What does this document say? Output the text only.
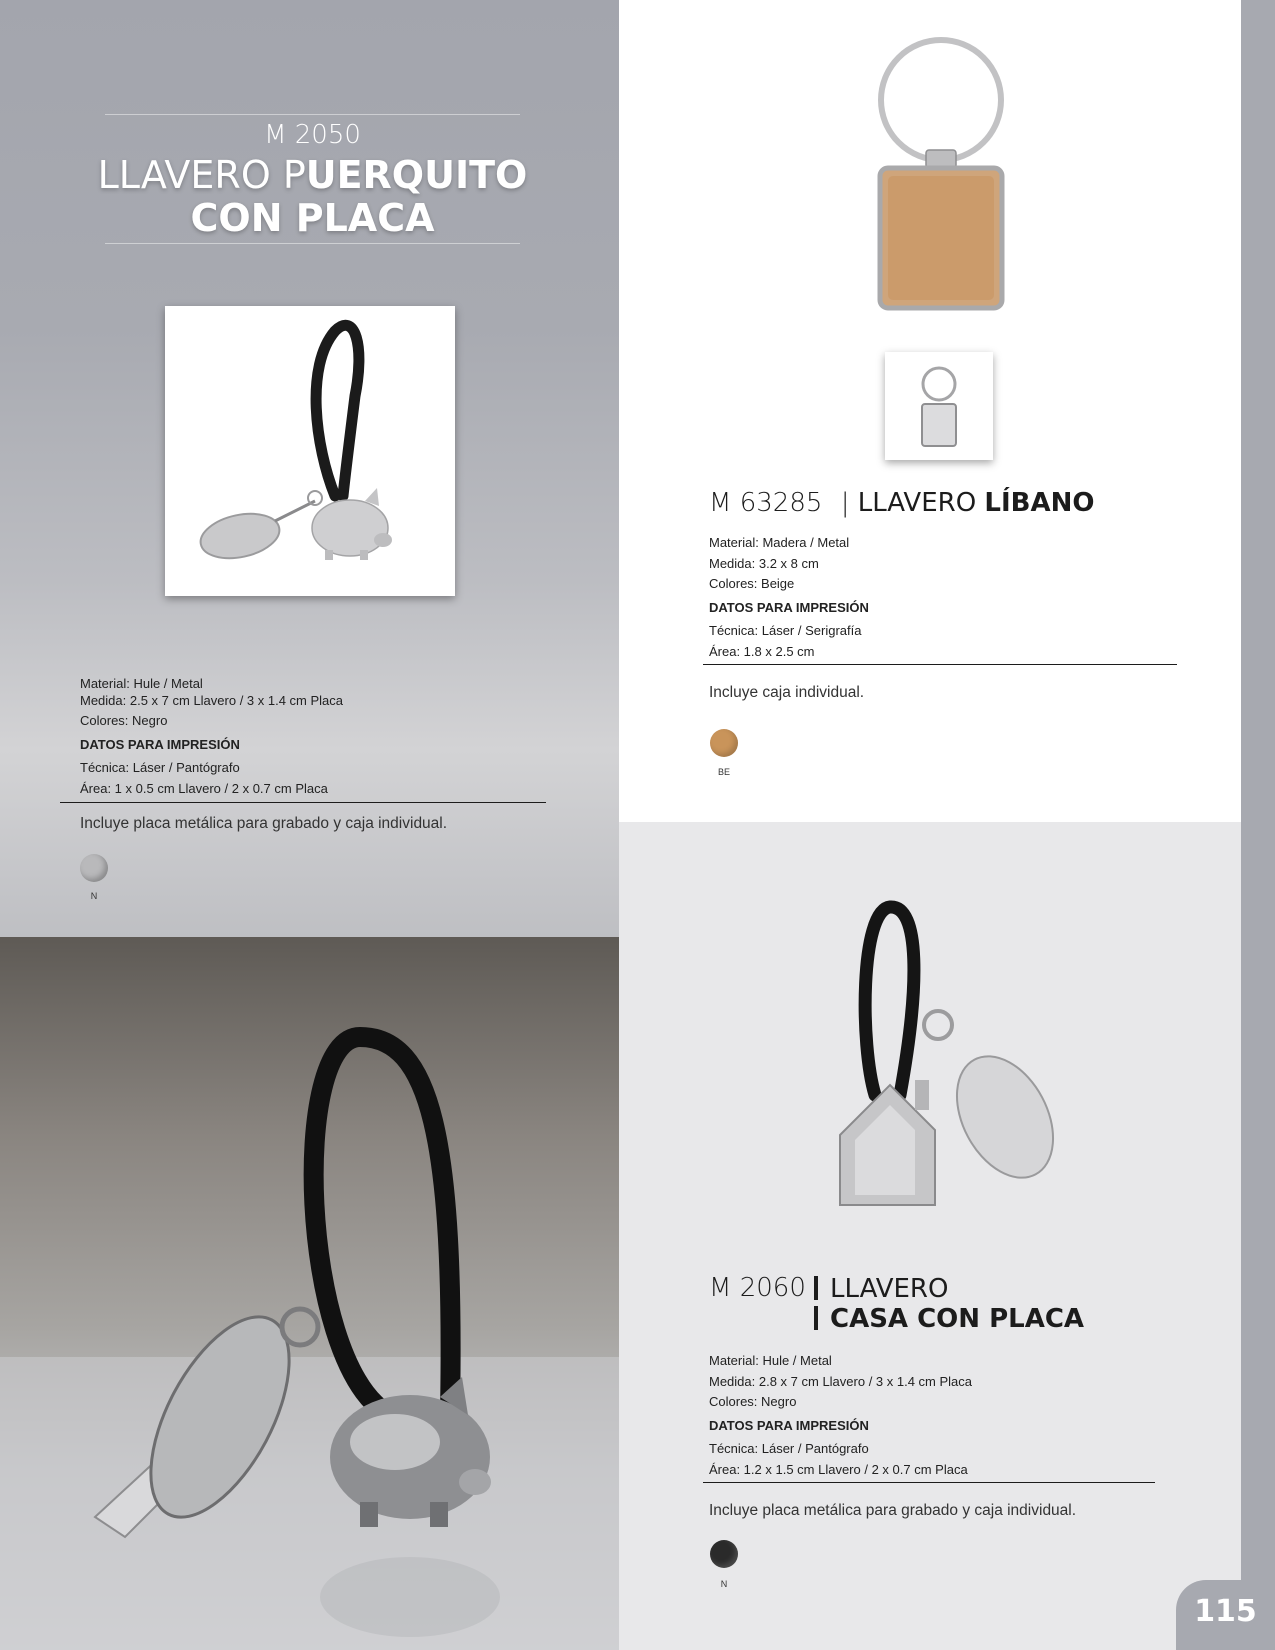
M 2050
LLAVERO PUERQUITO
CON PLACA
Material: Hule / Metal
Medida: 2.5 x 7 cm Llavero / 3 x 1.4 cm Placa
Colores: Negro
DATOS PARA IMPRESIÓN
Técnica: Láser / Pantógrafo
Área: 1 x 0.5 cm Llavero / 2 x 0.7 cm Placa
Incluye placa metálica para grabado y caja individual.
N
M 63285 | LLAVERO LÍBANO
Material: Madera / Metal
Medida: 3.2 x 8 cm
Colores: Beige
DATOS PARA IMPRESIÓN
Técnica: Láser / Serigrafía
Área: 1.8 x 2.5 cm
Incluye caja individual.
BE
M 2060 LLAVERO
CASA CON PLACA
Material: Hule / Metal
Medida: 2.8 x 7 cm Llavero / 3 x 1.4 cm Placa
Colores: Negro
DATOS PARA IMPRESIÓN
Técnica: Láser / Pantógrafo
Área: 1.2 x 1.5 cm Llavero / 2 x 0.7 cm Placa
Incluye placa metálica para grabado y caja individual.
N
115
